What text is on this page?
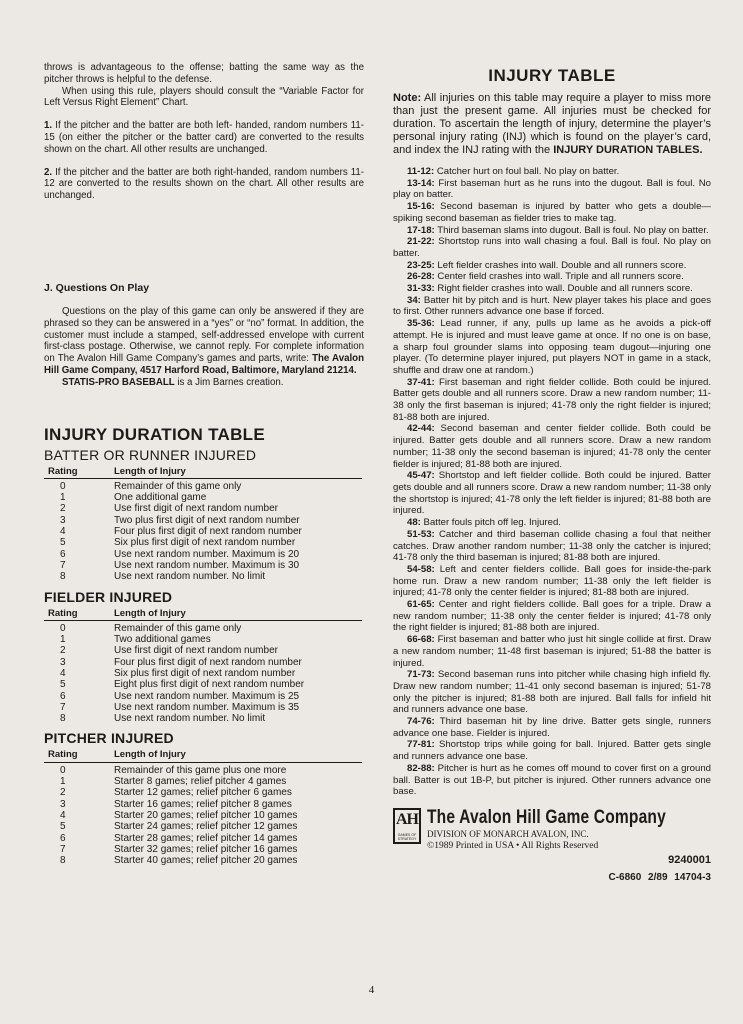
throws is advantageous to the offense; batting the same way as the pitcher throws is helpful to the defense.

When using this rule, players should consult the “Variable Factor for Left Versus Right Element” Chart.

1. If the pitcher and the batter are both left- handed, random numbers 11-15 (on either the pitcher or the batter card) are converted to the results shown on the chart. All other results are unchanged.

2. If the pitcher and the batter are both right-handed, random numbers 11-12 are converted to the results shown on the chart. All other results are unchanged.

J. Questions On Play

Questions on the play of this game can only be answered if they are phrased so they can be answered in a “yes” or “no” format. In addition, the customer must include a stamped, self-addressed envelope with current first-class postage. Otherwise, we cannot reply. For complete information on The Avalon Hill Game Company’s games and parts, write: The Avalon Hill Game Company, 4517 Harford Road, Baltimore, Maryland 21214.

STATIS-PRO BASEBALL is a Jim Barnes creation.

INJURY DURATION TABLE
BATTER OR RUNNER INJURED
Rating	Length of Injury
0	Remainder of this game only
1	One additional game
2	Use first digit of next random number
3	Two plus first digit of next random number
4	Four plus first digit of next random number
5	Six plus first digit of next random number
6	Use next random number. Maximum is 20
7	Use next random number. Maximum is 30
8	Use next random number. No limit
FIELDER INJURED
Rating	Length of Injury
0	Remainder of this game only
1	Two additional games
2	Use first digit of next random number
3	Four plus first digit of next random number
4	Six plus first digit of next random number
5	Eight plus first digit of next random number
6	Use next random number. Maximum is 25
7	Use next random number. Maximum is 35
8	Use next random number. No limit
PITCHER INJURED
Rating	Length of Injury
0	Remainder of this game plus one more
1	Starter 8 games; relief pitcher 4 games
2	Starter 12 games; relief pitcher 6 games
3	Starter 16 games; relief pitcher 8 games
4	Starter 20 games; relief pitcher 10 games
5	Starter 24 games; relief pitcher 12 games
6	Starter 28 games; relief pitcher 14 games
7	Starter 32 games; relief pitcher 16 games
8	Starter 40 games; relief pitcher 20 games
INJURY TABLE

Note: All injuries on this table may require a player to miss more than just the present game. All injuries must be checked for duration. To ascertain the length of injury, determine the player’s personal injury rating (INJ) which is found on the player’s card, and index the INJ rating with the INJURY DURATION TABLES.

11-12: Catcher hurt on foul ball. No play on batter.

13-14: First baseman hurt as he runs into the dugout. Ball is foul. No play on batter.

15-16: Second baseman is injured by batter who gets a double—spiking second baseman as fielder tries to make tag.

17-18: Third baseman slams into dugout. Ball is foul. No play on batter.

21-22: Shortstop runs into wall chasing a foul. Ball is foul. No play on batter.

23-25: Left fielder crashes into wall. Double and all runners score.

26-28: Center field crashes into wall. Triple and all runners score.

31-33: Right fielder crashes into wall. Double and all runners score.

34: Batter hit by pitch and is hurt. New player takes his place and goes to first. Other runners advance one base if forced.

35-36: Lead runner, if any, pulls up lame as he avoids a pick-off attempt. He is injured and must leave game at once. If no one is on base, a sharp foul grounder slams into opposing team dugout—injuring one player. (To determine player injured, put players NOT in game in a stack, shuffle and draw one at random.)

37-41: First baseman and right fielder collide. Both could be injured. Batter gets double and all runners score. Draw a new random number; 11-38 only the first baseman is injured; 41-78 only the right fielder is injured; 81-88 both are injured.

42-44: Second baseman and center fielder collide. Both could be injured. Batter gets double and all runners score. Draw a new random number; 11-38 only the second baseman is injured; 41-78 only the center fielder is injured; 81-88 both are injured.

45-47: Shortstop and left fielder collide. Both could be injured. Batter gets double and all runners score. Draw a new random number; 11-38 only the shortstop is injured; 41-78 only the left fielder is injured; 81-88 both are injured.

48: Batter fouls pitch off leg. Injured.

51-53: Catcher and third baseman collide chasing a foul that neither catches. Draw another random number; 11-38 only the catcher is injured; 41-78 only the third baseman is injured; 81-88 both are injured.

54-58: Left and center fielders collide. Ball goes for inside-the-park home run. Draw a new random number; 11-38 only the left fielder is injured; 41-78 only the center fielder is injured; 81-88 both are injured.

61-65: Center and right fielders collide. Ball goes for a triple. Draw a new random number; 11-38 only the center fielder is injured; 41-78 only the right fielder is injured; 81-88 both are injured.

66-68: First baseman and batter who just hit single collide at first. Draw a new random number; 11-48 first baseman is injured; 51-88 the batter is injured.

71-73: Second baseman runs into pitcher while chasing high infield fly. Draw new random number; 11-41 only second baseman is injured; 51-78 only the pitcher is injured; 81-88 both are injured. Ball falls for infield hit and runners advance one base.

74-76: Third baseman hit by line drive. Batter gets single, runners advance one base. Fielder is injured.

77-81: Shortstop trips while going for ball. Injured. Batter gets single and runners advance one base.

82-88: Pitcher is hurt as he comes off mound to cover first on a ground ball. Batter is out 1B-P, but pitcher is injured. Other runners advance one base.

AH
GAMES OF STRATEGY
The Avalon Hill Game Company
DIVISION OF MONARCH AVALON, INC.
©1989 Printed in USA • All Rights Reserved
9240001
C-6860 2/89 14704-3
4
